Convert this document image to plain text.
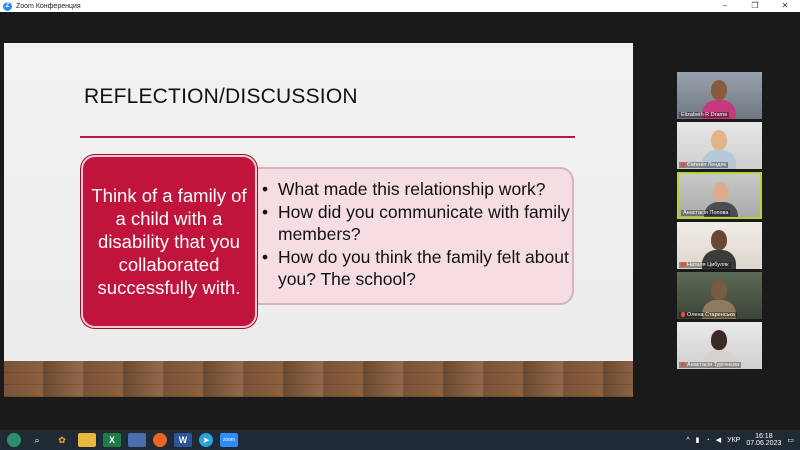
Z Zoom Конференция	–	❐	✕
REFLECTION/DISCUSSION
• What made this relationship work?
• How did you communicate with family members?
• How do you think the family felt about you? The school?
Think of a family of a child with a disability that you collaborated successfully with.
Elizabeth R Drame
Євгенія Лендяк
Анастасія Попова
Наталя Цибуляк
Олена Старенська
Анастасія Тургенєва
⌕	✿	X	W	➤	zoom	^ ▮ ◔ ◀ УКР	16:18
07.06.2023 ▭
